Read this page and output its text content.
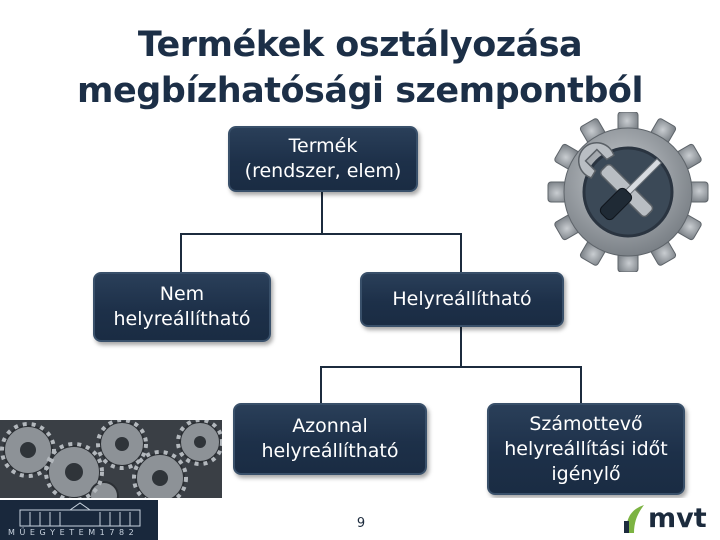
Termékek osztályozása
megbízhatósági szempontból
Termék
(rendszer, elem)
Nem
helyreállítható
Helyreállítható
Azonnal
helyreállítható
Számottevő
helyreállítási időt
igénylő
M Ű E G Y E T E M 1 7 8 2
9	mvt
